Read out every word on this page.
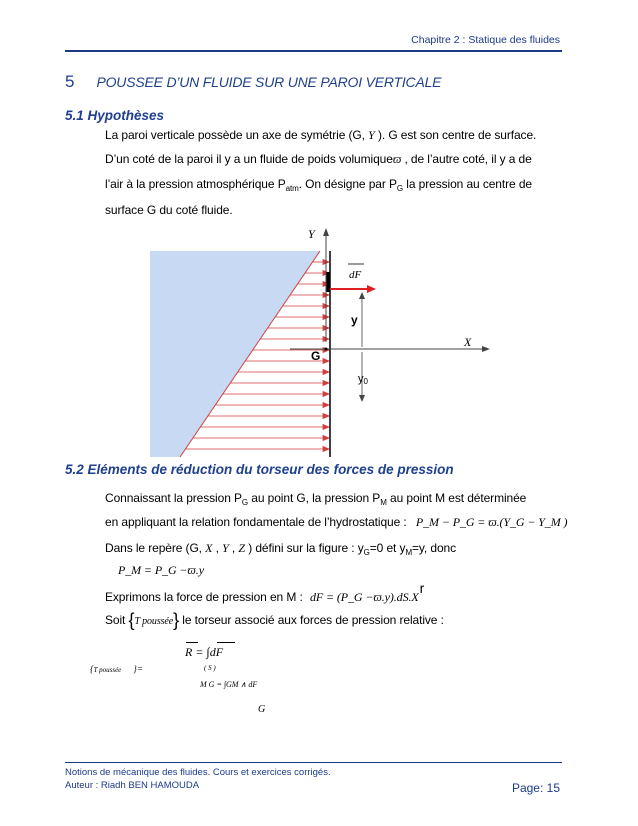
Chapitre 2 : Statique des fluides
5 POUSSEE D’UN FLUIDE SUR UNE PAROI VERTICALE
5.1 Hypothèses
La paroi verticale possède un axe de symétrie (G, Y ). G est son centre de surface.
D’un coté de la paroi il y a un fluide de poids volumiqueϖ , de l’autre coté, il y a de
l’air à la pression atmosphérique $P_{atm}$. On désigne par $P_G$ la pression au centre de
surface G du coté fluide.
Y
dF
y
X
G
y0
5.2 Eléments de réduction du torseur des forces de pression
Connaissant la pression $P_G$ au point G, la pression $P_M$ au point M est déterminée
en appliquant la relation fondamentale de l’hydrostatique : P_M − P_G = ϖ.(Y_G − Y_M )
Dans le repère (G, X , Y , Z ) défini sur la figure : $y_G=0$ et $y_M=y$, donc
P_M = P_G −ϖ.y
Exprimons la force de pression en M : dF = (P_G −ϖ.y).dS.Xr
Soit {T poussée} le torseur associé aux forces de pression relative :
R = ∫dF
( S )
{T poussée }=
M G = ∫GM ∧ dF
G
Notions de mécanique des fluides. Cours et exercices corrigés.
Auteur : Riadh BEN HAMOUDA	Page: 15
